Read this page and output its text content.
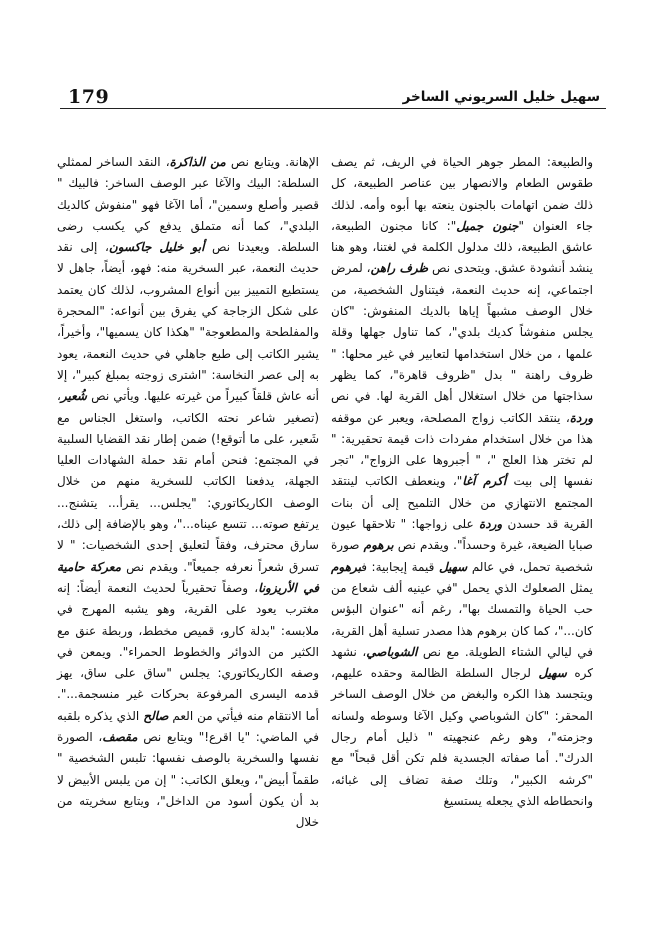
179	سهيل خليل السريوني الساخر

والطبيعة: المطر جوهر الحياة في الريف، ثم يصف طقوس الطعام والانصهار بين عناصر الطبيعة، كل ذلك ضمن اتهامات بالجنون ينعته بها أبوه وأمه. لذلك جاء العنوان "جنون جميل": كانا مجنون الطبيعة، عاشق الطبيعة، ذلك مدلول الكلمة في لغتنا، وهو هنا ينشد أنشودة عشق. ويتحدى نص ظرف راهن، لمرض اجتماعي، إنه حديث النعمة، فيتناول الشخصية، من خلال الوصف مشبهاً إياها بالديك المنفوش: "كان يجلس منفوشاً كديك بلدي"، كما تناول جهلها وقلة علمها ، من خلال استخدامها لتعابير في غير محلها: " ظروف راهنة " بدل "ظروف قاهرة"، كما يظهر سذاجتها من خلال استغلال أهل القرية لها. في نص وردة، ينتقد الكاتب زواج المصلحة، ويعبر عن موقفه هذا من خلال استخدام مفردات ذات قيمة تحقيرية: " لم تختر هذا العلج "، " أجبروها على الزواج"، "تجر نفسها إلى بيت أكرم آغا"، وينعطف الكاتب لينتقد المجتمع الانتهازي من خلال التلميح إلى أن بنات القرية قد حسدن وردة على زواجها: " تلاحقها عيون صبايا الضيعة، غيرة وحسداً". ويقدم نص برهوم صورة شخصية تحمل، في عالم سهيل قيمة إيجابية: فبرهوم يمثل الصعلوك الذي يحمل "في عينيه ألف شعاع من حب الحياة والتمسك بها"، رغم أنه "عنوان البؤس كان..."، كما كان برهوم هذا مصدر تسلية أهل القرية، في ليالي الشتاء الطويلة. مع نص الشوباصي، نشهد كره سهيل لرجال السلطة الظالمة وحقده عليهم، ويتجسد هذا الكره والبغض من خلال الوصف الساخر المحقر: "كان الشوباصي وكيل الآغا وسوطه ولسانه وجزمته"، وهو رغم عنجهيته " ذليل أمام رجال الدرك". أما صفاته الجسدية فلم تكن أقل قبحاً" مع "كرشه الكبير"، وتلك صفة تضاف إلى غبائه، وانحطاطه الذي يجعله يستسيغ

الإهانة. ويتابع نص من الذاكرة، النقد الساخر لممثلي السلطة: البيك والآغا عبر الوصف الساخر: فالبيك " قصير وأصلع وسمين"، أما الآغا فهو "منفوش كالديك البلدي"، كما أنه متملق يدفع كي يكسب رضى السلطة. ويعيدنا نص أبو خليل جاكسون، إلى نقد حديث النعمة، عبر السخرية منه: فهو، أيضاً، جاهل لا يستطيع التمييز بين أنواع المشروب، لذلك كان يعتمد على شكل الزجاجة كي يفرق بين أنواعه: "المحجرة والمفلطحة والمطعوجة" "هكذا كان يسميها"، وأخيراً، يشير الكاتب إلى طبع جاهلي في حديث النعمة، يعود به إلى عصر النخاسة: "اشترى زوجته بمبلغ كبير"، إلا أنه عاش قلقاً كبيراً من غيرته عليها. ويأتي نص شُعير، (تصغير شاعر نحته الكاتب، واستغل الجناس مع شَعير، على ما أتوقع!) ضمن إطار نقد القضايا السلبية في المجتمع: فنحن أمام نقد حملة الشهادات العليا الجهلة، يدفعنا الكاتب للسخرية منهم من خلال الوصف الكاريكاتوري: "يجلس... يقرأ... يتشنج... يرتفع صوته... تتسع عيناه..."، وهو بالإضافة إلى ذلك، سارق محترف، وفقاً لتعليق إحدى الشخصيات: " لا تسرق شعراً نعرفه جميعاً". ويقدم نص معركة حامية في الأريزونا، وصفاً تحقيرياً لحديث النعمة أيضاً: إنه مغترب يعود على القرية، وهو يشبه المهرج في ملابسه: "بدلة كارو، قميص مخطط، وربطة عنق مع الكثير من الدوائر والخطوط الحمراء". ويمعن في وصفه الكاريكاتوري: يجلس "ساق على ساق، يهز قدمه اليسرى المرفوعة بحركات غير منسجمة...". أما الانتقام منه فيأتي من العم صالح الذي يذكره بلقبه في الماضي: "يا اقرع!" ويتابع نص مقصف، الصورة نفسها والسخرية بالوصف نفسها: تلبس الشخصية " طقماً أبيض"، ويعلق الكاتب: " إن من يلبس الأبيض لا بد أن يكون أسود من الداخل"، ويتابع سخريته من خلال
